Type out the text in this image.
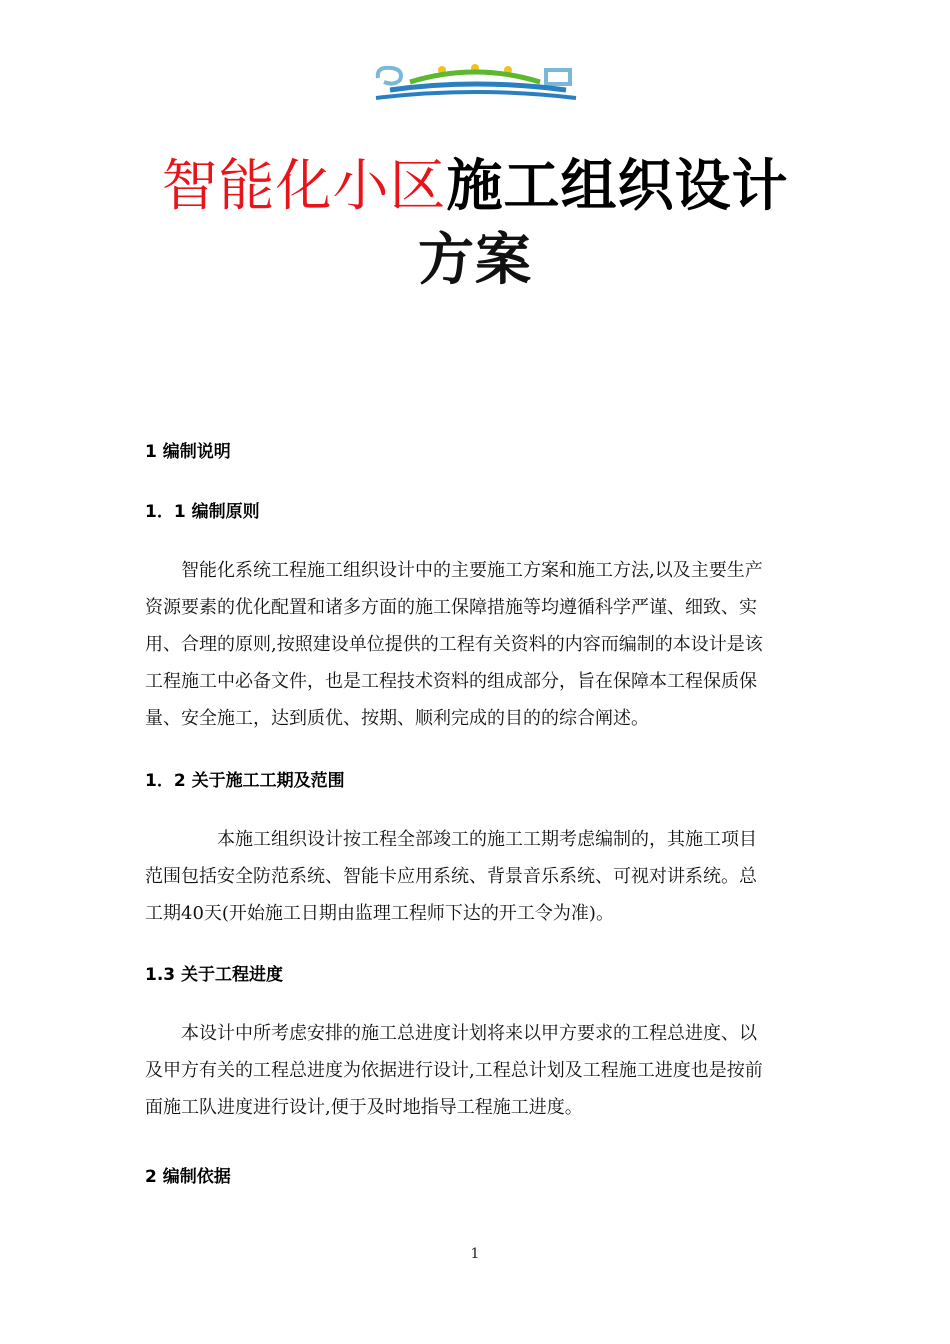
智能化小区施工组织设计
方案
1 编制说明
1．1 编制原则
　　智能化系统工程施工组织设计中的主要施工方案和施工方法,以及主要生产
资源要素的优化配置和诸多方面的施工保障措施等均遵循科学严谨、细致、实
用、合理的原则,按照建设单位提供的工程有关资料的内容而编制的本设计是该
工程施工中必备文件，也是工程技术资料的组成部分，旨在保障本工程保质保
量、安全施工，达到质优、按期、顺利完成的目的的综合阐述。
1．2 关于施工工期及范围
　　　　本施工组织设计按工程全部竣工的施工工期考虑编制的，其施工项目
范围包括安全防范系统、智能卡应用系统、背景音乐系统、可视对讲系统。总
工期40天(开始施工日期由监理工程师下达的开工令为准)。
1.3 关于工程进度
　　本设计中所考虑安排的施工总进度计划将来以甲方要求的工程总进度、以
及甲方有关的工程总进度为依据进行设计,工程总计划及工程施工进度也是按前
面施工队进度进行设计,便于及时地指导工程施工进度。
2 编制依据
1
